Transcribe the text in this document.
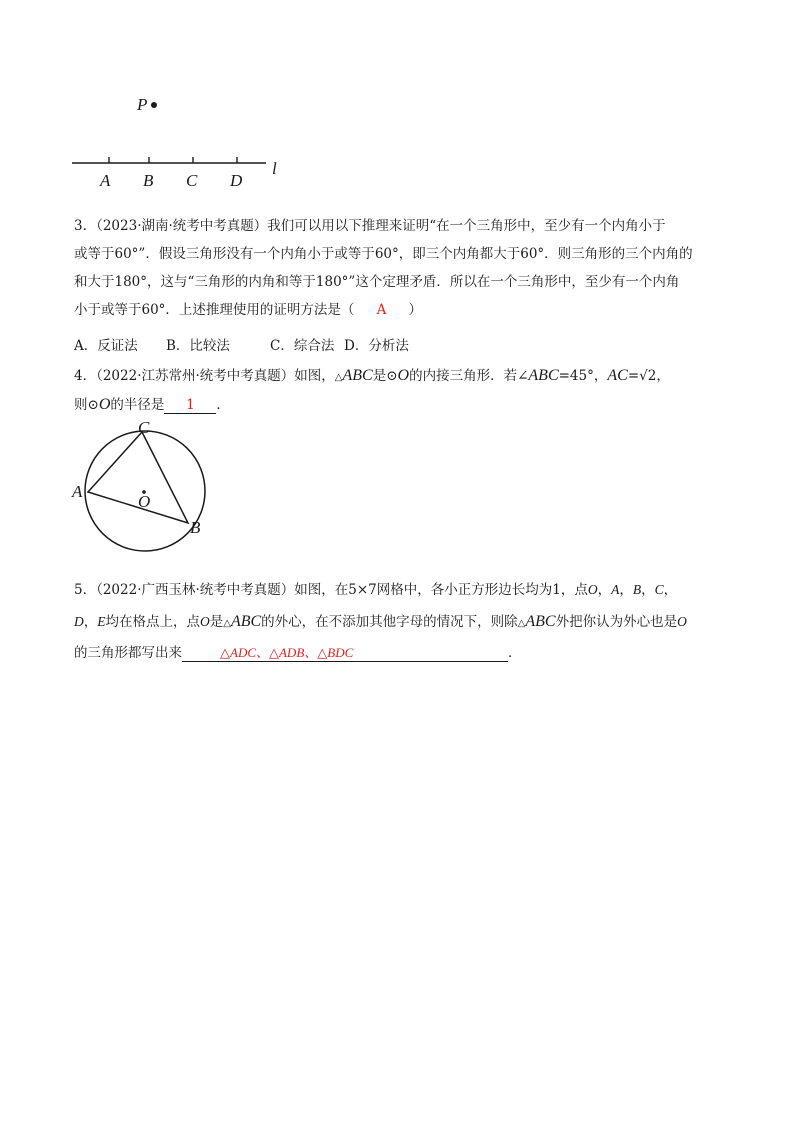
P
A B C D
l
3．（2023·湖南·统考中考真题）我们可以用以下推理来证明“在一个三角形中，至少有一个内角小于
或等于60°”．假设三角形没有一个内角小于或等于60°，即三个内角都大于60°．则三角形的三个内角的
和大于180°，这与“三角形的内角和等于180°”这个定理矛盾．所以在一个三角形中，至少有一个内角
小于或等于60°．上述推理使用的证明方法是（ A ）
A．反证法 B．比较法	C．综合法 D．分析法
4．（2022·江苏常州·统考中考真题）如图，△ABC是⊙O的内接三角形．若∠ABC=45°，AC=√2，
则⊙O的半径是 1 ．
C
A
O
B
5．（2022·广西玉林·统考中考真题）如图，在5×7网格中，各小正方形边长均为1，点O，A，B，C，
D，E均在格点上，点O是△ABC的外心，在不添加其他字母的情况下，则除△ABC外把你认为外心也是O
的三角形都写出来	△ADC、△ADB、△BDC	．
